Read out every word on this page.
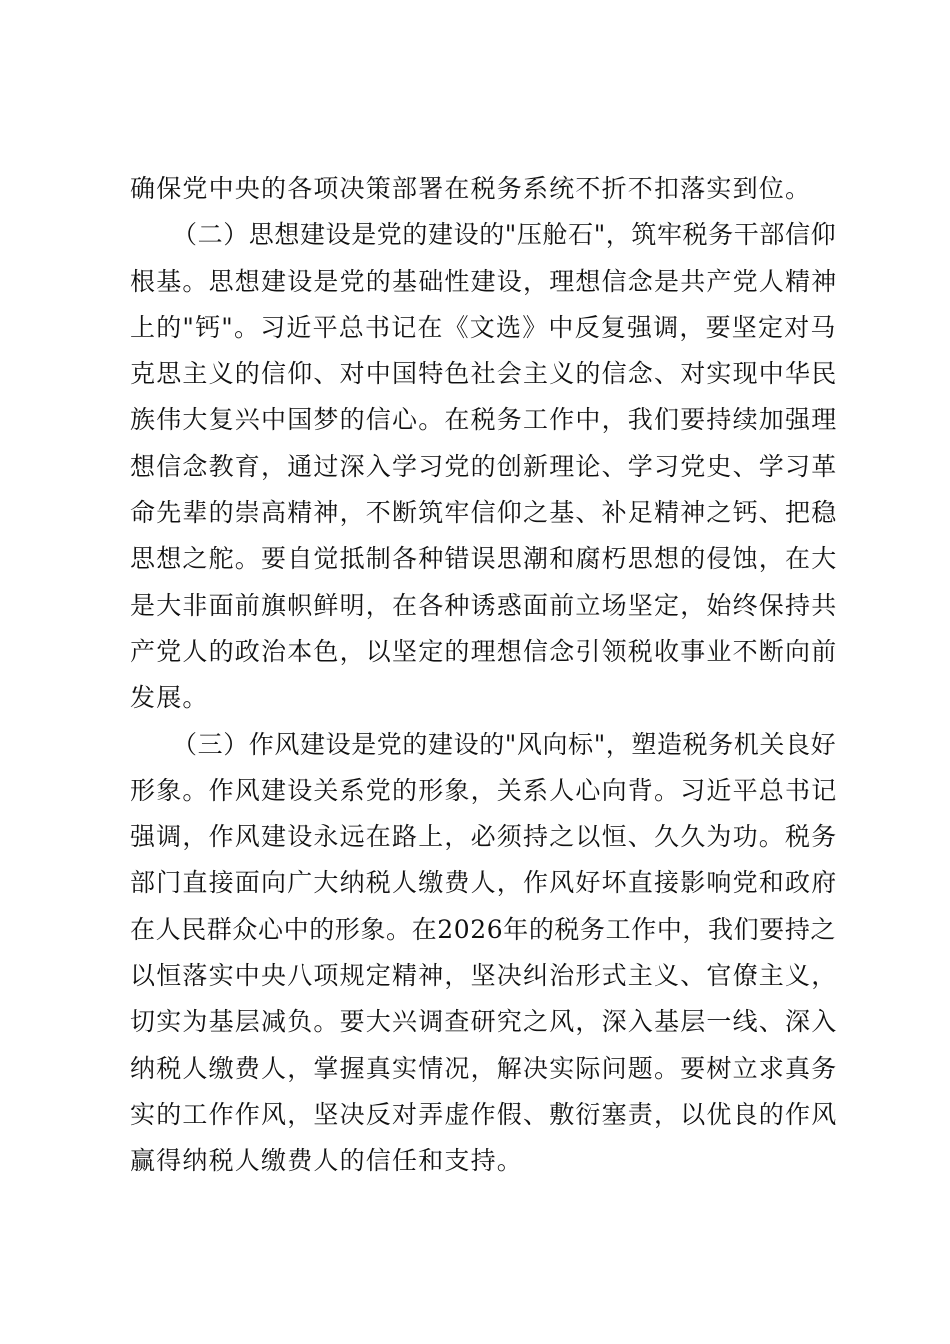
确保党中央的各项决策部署在税务系统不折不扣落实到位。
（二）思想建设是党的建设的"压舱石"，筑牢税务干部信仰
根基。思想建设是党的基础性建设，理想信念是共产党人精神
上的"钙"。习近平总书记在《文选》中反复强调，要坚定对马
克思主义的信仰、对中国特色社会主义的信念、对实现中华民
族伟大复兴中国梦的信心。在税务工作中，我们要持续加强理
想信念教育，通过深入学习党的创新理论、学习党史、学习革
命先辈的崇高精神，不断筑牢信仰之基、补足精神之钙、把稳
思想之舵。要自觉抵制各种错误思潮和腐朽思想的侵蚀，在大
是大非面前旗帜鲜明，在各种诱惑面前立场坚定，始终保持共
产党人的政治本色，以坚定的理想信念引领税收事业不断向前
发展。
（三）作风建设是党的建设的"风向标"，塑造税务机关良好
形象。作风建设关系党的形象，关系人心向背。习近平总书记
强调，作风建设永远在路上，必须持之以恒、久久为功。税务
部门直接面向广大纳税人缴费人，作风好坏直接影响党和政府
在人民群众心中的形象。在2026年的税务工作中，我们要持之
以恒落实中央八项规定精神，坚决纠治形式主义、官僚主义，
切实为基层减负。要大兴调查研究之风，深入基层一线、深入
纳税人缴费人，掌握真实情况，解决实际问题。要树立求真务
实的工作作风，坚决反对弄虚作假、敷衍塞责，以优良的作风
赢得纳税人缴费人的信任和支持。
